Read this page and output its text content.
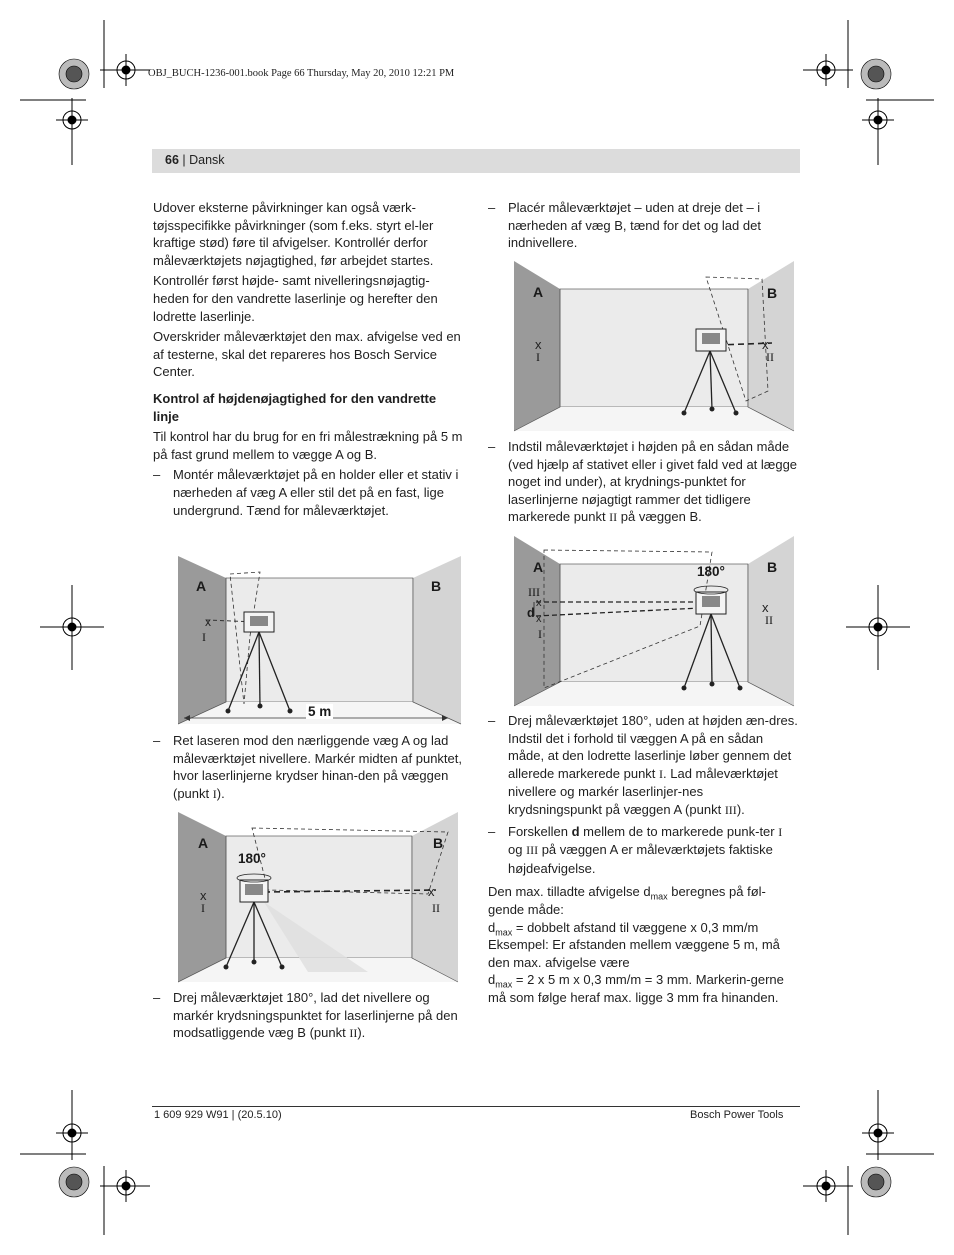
OBJ_BUCH-1236-001.book Page 66 Thursday, May 20, 2010 12:21 PM
66 | Dansk

Udover eksterne påvirkninger kan også værk-tøjsspecifikke påvirkninger (som f.eks. styrt el-ler kraftige stød) føre til afvigelser. Kontrollér derfor måleværktøjets nøjagtighed, før arbejdet startes.

Kontrollér først højde- samt nivelleringsnøjagtig-heden for den vandrette laserlinje og herefter den lodrette laserlinje.

Overskrider måleværktøjet den max. afvigelse ved en af testerne, skal det repareres hos Bosch Service Center.

Kontrol af højdenøjagtighed for den vandrette linje

Til kontrol har du brug for en fri målestrækning på 5 m på fast grund mellem to vægge A og B.

– Montér måleværktøjet på en holder eller et stativ i nærheden af væg A eller stil det på en fast, lige undergrund. Tænd for måleværktøjet.
x
A	B
I
5 m
– Ret laseren mod den nærliggende væg A og lad måleværktøjet nivellere. Markér midten af punktet, hvor laserlinjerne krydser hinan-den på væggen (punkt I).
x	x
A	B
180°
I	II
– Drej måleværktøjet 180°, lad det nivellere og markér krydsningspunktet for laserlinjerne på den modsatliggende væg B (punkt II).
– Placér måleværktøjet – uden at dreje det – i nærheden af væg B, tænd for det og lad det indnivellere.
x	x
A	B
I	II
– Indstil måleværktøjet i højden på en sådan måde (ved hjælp af stativet eller i givet fald ved at lægge noget ind under), at krydnings-punktet for laserlinjerne nøjagtigt rammer det tidligere markerede punkt II på væggen B.
x
x
x
A	B
180°
III
d
I
II
– Drej måleværktøjet 180°, uden at højden æn-dres. Indstil det i forhold til væggen A på en sådan måde, at den lodrette laserlinje løber gennem det allerede markerede punkt I. Lad måleværktøjet nivellere og markér laserlinjer-nes krydsningspunkt på væggen A (punkt III).
– Forskellen d mellem de to markerede punk-ter I og III på væggen A er måleværktøjets faktiske højdeafvigelse.

Den max. tilladte afvigelse $d_{max}$ beregnes på føl-gende måde:

$d_{max}$ = dobbelt afstand til væggene x 0,3 mm/m

Eksempel: Er afstanden mellem væggene 5 m, må den max. afvigelse være

$d_{max} = 2$ x 5 m x 0,3 mm/m = 3 mm. Markerin-gerne må som følge heraf max. ligge 3 mm fra hinanden.

1 609 929 W91 | (20.5.10)	Bosch Power Tools
